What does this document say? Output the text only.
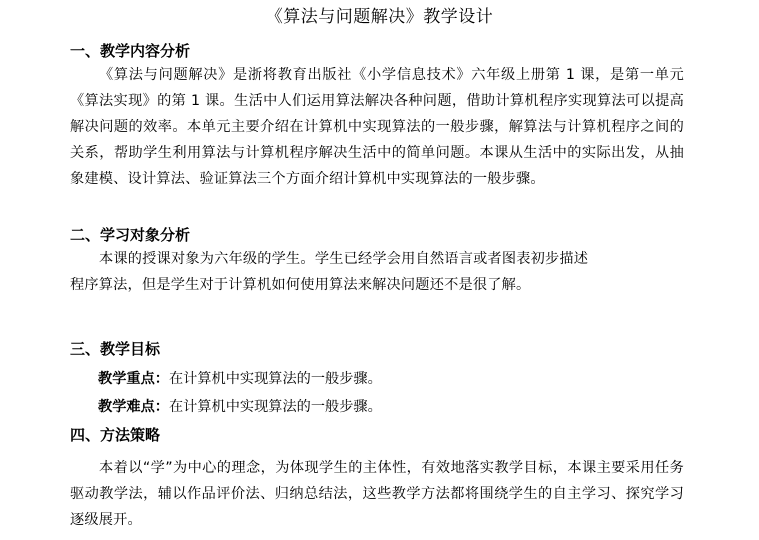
《算法与问题解决》教学设计
一、教学内容分析
《算法与问题解决》是浙将教育出版社《小学信息技术》六年级上册第 1 课，是第一单元《算法实现》的第 1 课。生活中人们运用算法解决各种问题，借助计算机程序实现算法可以提高解决问题的效率。本单元主要介绍在计算机中实现算法的一般步骤，解算法与计算机程序之间的关系，帮助学生利用算法与计算机程序解决生活中的简单问题。本课从生活中的实际出发，从抽象建模、设计算法、验证算法三个方面介绍计算机中实现算法的一般步骤。
二、学习对象分析
本课的授课对象为六年级的学生。学生已经学会用自然语言或者图表初步描述
程序算法，但是学生对于计算机如何使用算法来解决问题还不是很了解。
三、教学目标
教学重点：在计算机中实现算法的一般步骤。
教学难点：在计算机中实现算法的一般步骤。
四、方法策略
本着以“学”为中心的理念，为体现学生的主体性，有效地落实教学目标，本课主要采用任务驱动教学法，辅以作品评价法、归纳总结法，这些教学方法都将围绕学生的自主学习、探究学习逐级展开。
